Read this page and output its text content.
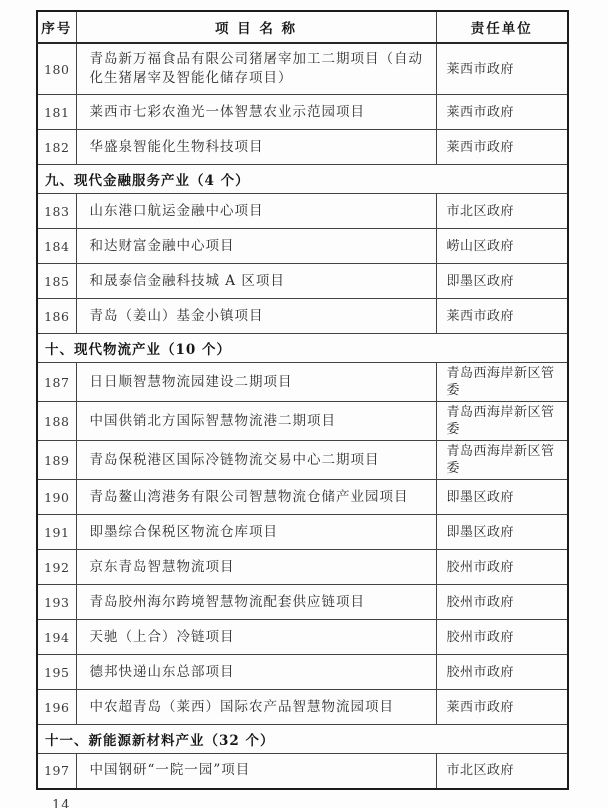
序号	项 目 名 称	责任单位
180	青岛新万福食品有限公司猪屠宰加工二期项目（自动化生猪屠宰及智能化储存项目）	莱西市政府
181	莱西市七彩农渔光一体智慧农业示范园项目	莱西市政府
182	华盛泉智能化生物科技项目	莱西市政府
九、现代金融服务产业（4 个）		
183	山东港口航运金融中心项目	市北区政府
184	和达财富金融中心项目	崂山区政府
185	和晟泰信金融科技城 A 区项目	即墨区政府
186	青岛（姜山）基金小镇项目	莱西市政府
十、现代物流产业（10 个）		
187	日日顺智慧物流园建设二期项目	青岛西海岸新区管委
188	中国供销北方国际智慧物流港二期项目	青岛西海岸新区管委
189	青岛保税港区国际冷链物流交易中心二期项目	青岛西海岸新区管委
190	青岛鳌山湾港务有限公司智慧物流仓储产业园项目	即墨区政府
191	即墨综合保税区物流仓库项目	即墨区政府
192	京东青岛智慧物流项目	胶州市政府
193	青岛胶州海尔跨境智慧物流配套供应链项目	胶州市政府
194	天驰（上合）冷链项目	胶州市政府
195	德邦快递山东总部项目	胶州市政府
196	中农超青岛（莱西）国际农产品智慧物流园项目	莱西市政府
十一、新能源新材料产业（32 个）		
197	中国钢研“一院一园”项目	市北区政府
14
